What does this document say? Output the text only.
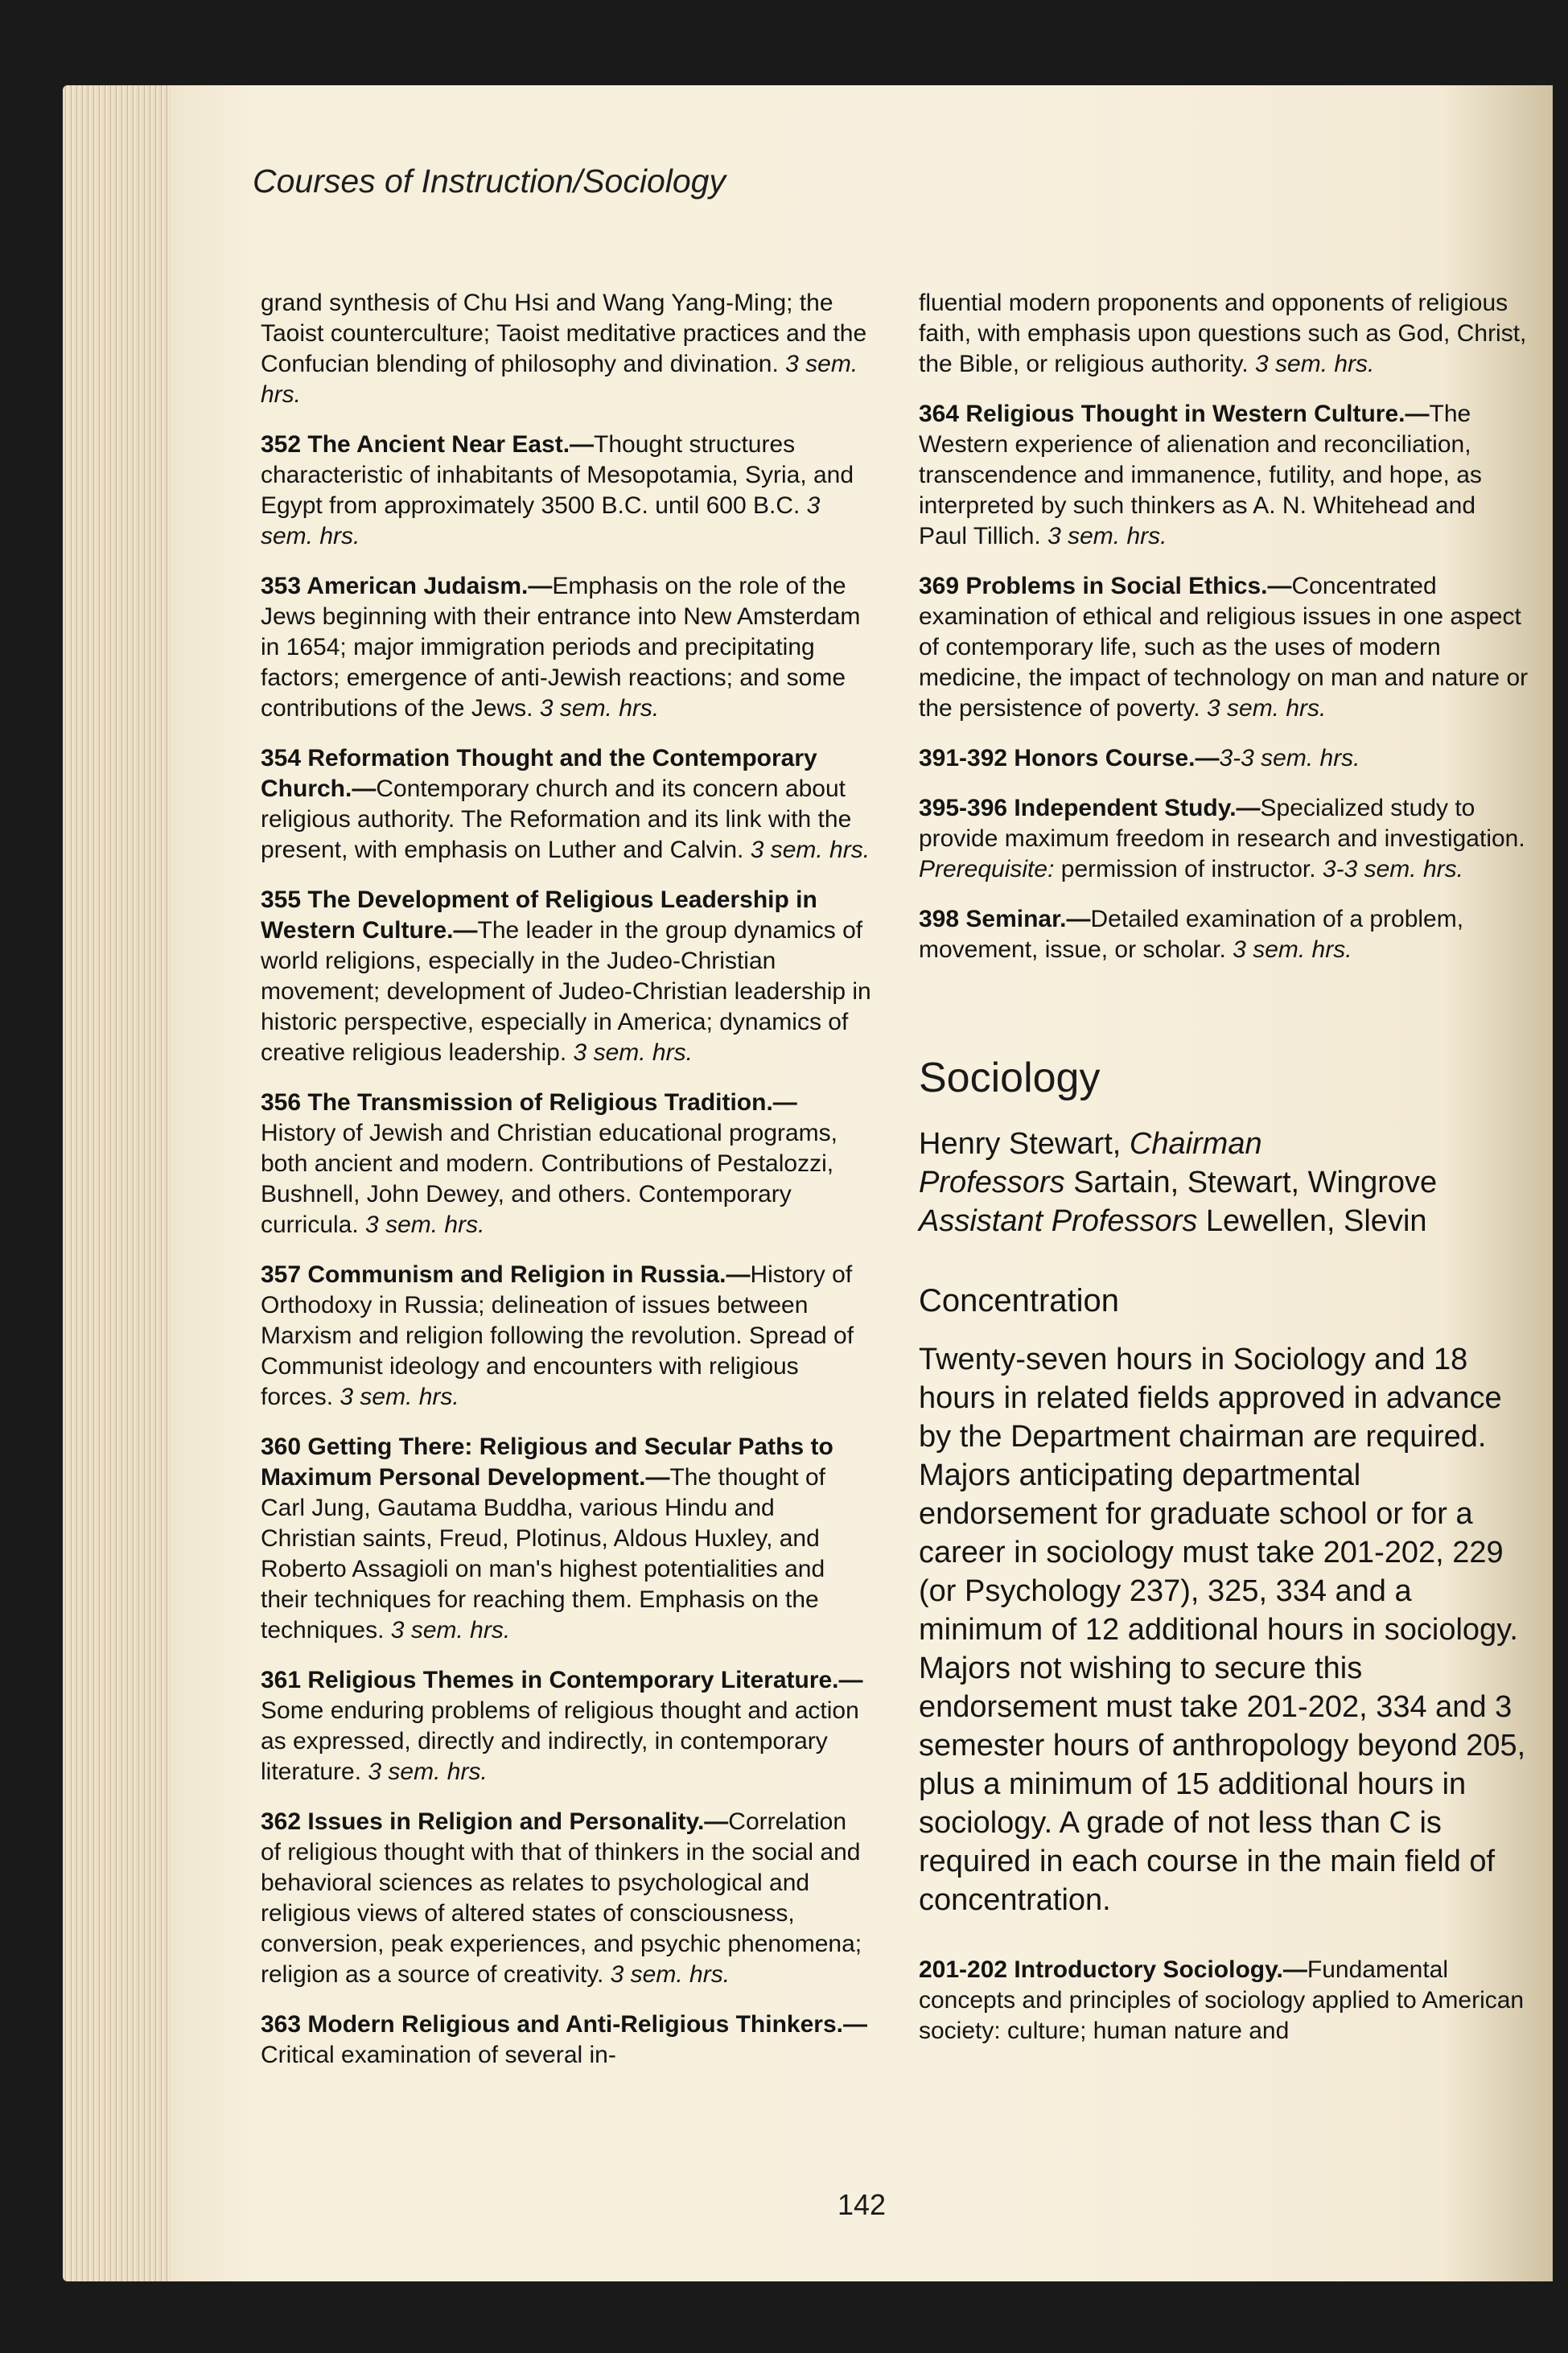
Courses of Instruction/Sociology

grand synthesis of Chu Hsi and Wang Yang-Ming; the Taoist counterculture; Taoist meditative practices and the Confucian blending of philosophy and divination. 3 sem. hrs.

352 The Ancient Near East.—Thought structures characteristic of inhabitants of Mesopotamia, Syria, and Egypt from approximately 3500 B.C. until 600 B.C. 3 sem. hrs.

353 American Judaism.—Emphasis on the role of the Jews beginning with their entrance into New Amsterdam in 1654; major immigration periods and precipitating factors; emergence of anti-Jewish reactions; and some contributions of the Jews. 3 sem. hrs.

354 Reformation Thought and the Contemporary Church.—Contemporary church and its concern about religious authority. The Reformation and its link with the present, with emphasis on Luther and Calvin. 3 sem. hrs.

355 The Development of Religious Leadership in Western Culture.—The leader in the group dynamics of world religions, especially in the Judeo-Christian movement; development of Judeo-Christian leadership in historic perspective, especially in America; dynamics of creative religious leadership. 3 sem. hrs.

356 The Transmission of Religious Tradition.—History of Jewish and Christian educational programs, both ancient and modern. Contributions of Pestalozzi, Bushnell, John Dewey, and others. Contemporary curricula. 3 sem. hrs.

357 Communism and Religion in Russia.—History of Orthodoxy in Russia; delineation of issues between Marxism and religion following the revolution. Spread of Communist ideology and encounters with religious forces. 3 sem. hrs.

360 Getting There: Religious and Secular Paths to Maximum Personal Development.—The thought of Carl Jung, Gautama Buddha, various Hindu and Christian saints, Freud, Plotinus, Aldous Huxley, and Roberto Assagioli on man's highest potentialities and their techniques for reaching them. Emphasis on the techniques. 3 sem. hrs.

361 Religious Themes in Contemporary Literature.—Some enduring problems of religious thought and action as expressed, directly and indirectly, in contemporary literature. 3 sem. hrs.

362 Issues in Religion and Personality.—Correlation of religious thought with that of thinkers in the social and behavioral sciences as relates to psychological and religious views of altered states of consciousness, conversion, peak experiences, and psychic phenomena; religion as a source of creativity. 3 sem. hrs.

363 Modern Religious and Anti-Religious Thinkers.—Critical examination of several in-

fluential modern proponents and opponents of religious faith, with emphasis upon questions such as God, Christ, the Bible, or religious authority. 3 sem. hrs.

364 Religious Thought in Western Culture.—The Western experience of alienation and reconciliation, transcendence and immanence, futility, and hope, as interpreted by such thinkers as A. N. Whitehead and Paul Tillich. 3 sem. hrs.

369 Problems in Social Ethics.—Concentrated examination of ethical and religious issues in one aspect of contemporary life, such as the uses of modern medicine, the impact of technology on man and nature or the persistence of poverty. 3 sem. hrs.

391-392 Honors Course.—3-3 sem. hrs.

395-396 Independent Study.—Specialized study to provide maximum freedom in research and investigation. Prerequisite: permission of instructor. 3-3 sem. hrs.

398 Seminar.—Detailed examination of a problem, movement, issue, or scholar. 3 sem. hrs.

Sociology
Henry Stewart, Chairman
Professors Sartain, Stewart, Wingrove
Assistant Professors Lewellen, Slevin
Concentration

Twenty-seven hours in Sociology and 18 hours in related fields approved in advance by the Department chairman are required. Majors anticipating departmental endorsement for graduate school or for a career in sociology must take 201-202, 229 (or Psychology 237), 325, 334 and a minimum of 12 additional hours in sociology. Majors not wishing to secure this endorsement must take 201-202, 334 and 3 semester hours of anthropology beyond 205, plus a minimum of 15 additional hours in sociology. A grade of not less than C is required in each course in the main field of concentration.

201-202 Introductory Sociology.—Fundamental concepts and principles of sociology applied to American society: culture; human nature and

142
